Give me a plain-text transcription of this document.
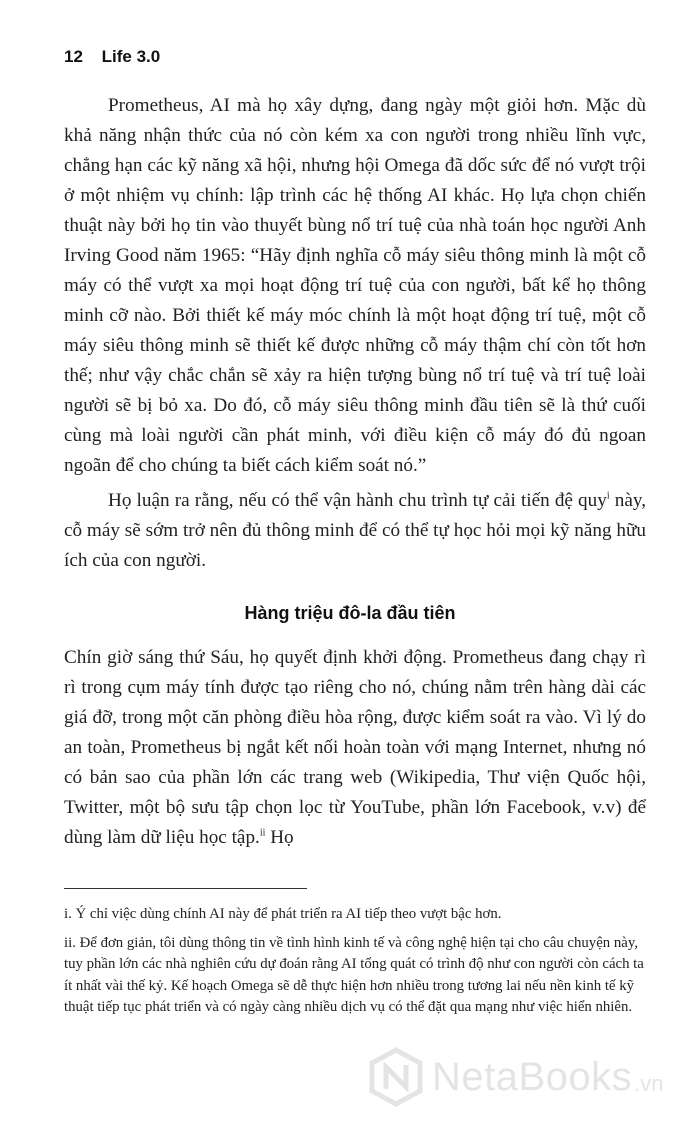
12 Life 3.0

Prometheus, AI mà họ xây dựng, đang ngày một giỏi hơn. Mặc dù khả năng nhận thức của nó còn kém xa con người trong nhiều lĩnh vực, chẳng hạn các kỹ năng xã hội, nhưng hội Omega đã dốc sức để nó vượt trội ở một nhiệm vụ chính: lập trình các hệ thống AI khác. Họ lựa chọn chiến thuật này bởi họ tin vào thuyết bùng nổ trí tuệ của nhà toán học người Anh Irving Good năm 1965: “Hãy định nghĩa cỗ máy siêu thông minh là một cỗ máy có thể vượt xa mọi hoạt động trí tuệ của con người, bất kể họ thông minh cỡ nào. Bởi thiết kế máy móc chính là một hoạt động trí tuệ, một cỗ máy siêu thông minh sẽ thiết kế được những cỗ máy thậm chí còn tốt hơn thế; như vậy chắc chắn sẽ xảy ra hiện tượng bùng nổ trí tuệ và trí tuệ loài người sẽ bị bỏ xa. Do đó, cỗ máy siêu thông minh đầu tiên sẽ là thứ cuối cùng mà loài người cần phát minh, với điều kiện cỗ máy đó đủ ngoan ngoãn để cho chúng ta biết cách kiểm soát nó.”

Họ luận ra rằng, nếu có thể vận hành chu trình tự cải tiến đệ quy$^i$ này, cỗ máy sẽ sớm trở nên đủ thông minh để có thể tự học hỏi mọi kỹ năng hữu ích của con người.

Hàng triệu đô-la đầu tiên

Chín giờ sáng thứ Sáu, họ quyết định khởi động. Prometheus đang chạy rì rì trong cụm máy tính được tạo riêng cho nó, chúng nằm trên hàng dài các giá đỡ, trong một căn phòng điều hòa rộng, được kiểm soát ra vào. Vì lý do an toàn, Prometheus bị ngắt kết nối hoàn toàn với mạng Internet, nhưng nó có bản sao của phần lớn các trang web (Wikipedia, Thư viện Quốc hội, Twitter, một bộ sưu tập chọn lọc từ YouTube, phần lớn Facebook, v.v) để dùng làm dữ liệu học tập.$^{ii}$ Họ

i. Ý chỉ việc dùng chính AI này để phát triển ra AI tiếp theo vượt bậc hơn.

ii. Để đơn giản, tôi dùng thông tin về tình hình kinh tế và công nghệ hiện tại cho câu chuyện này, tuy phần lớn các nhà nghiên cứu dự đoán rằng AI tổng quát có trình độ như con người còn cách ta ít nhất vài thế kỷ. Kế hoạch Omega sẽ dễ thực hiện hơn nhiều trong tương lai nếu nền kinh tế kỹ thuật tiếp tục phát triển và có ngày càng nhiều dịch vụ có thể đặt qua mạng như việc hiển nhiên.

NetaBooks .vn
